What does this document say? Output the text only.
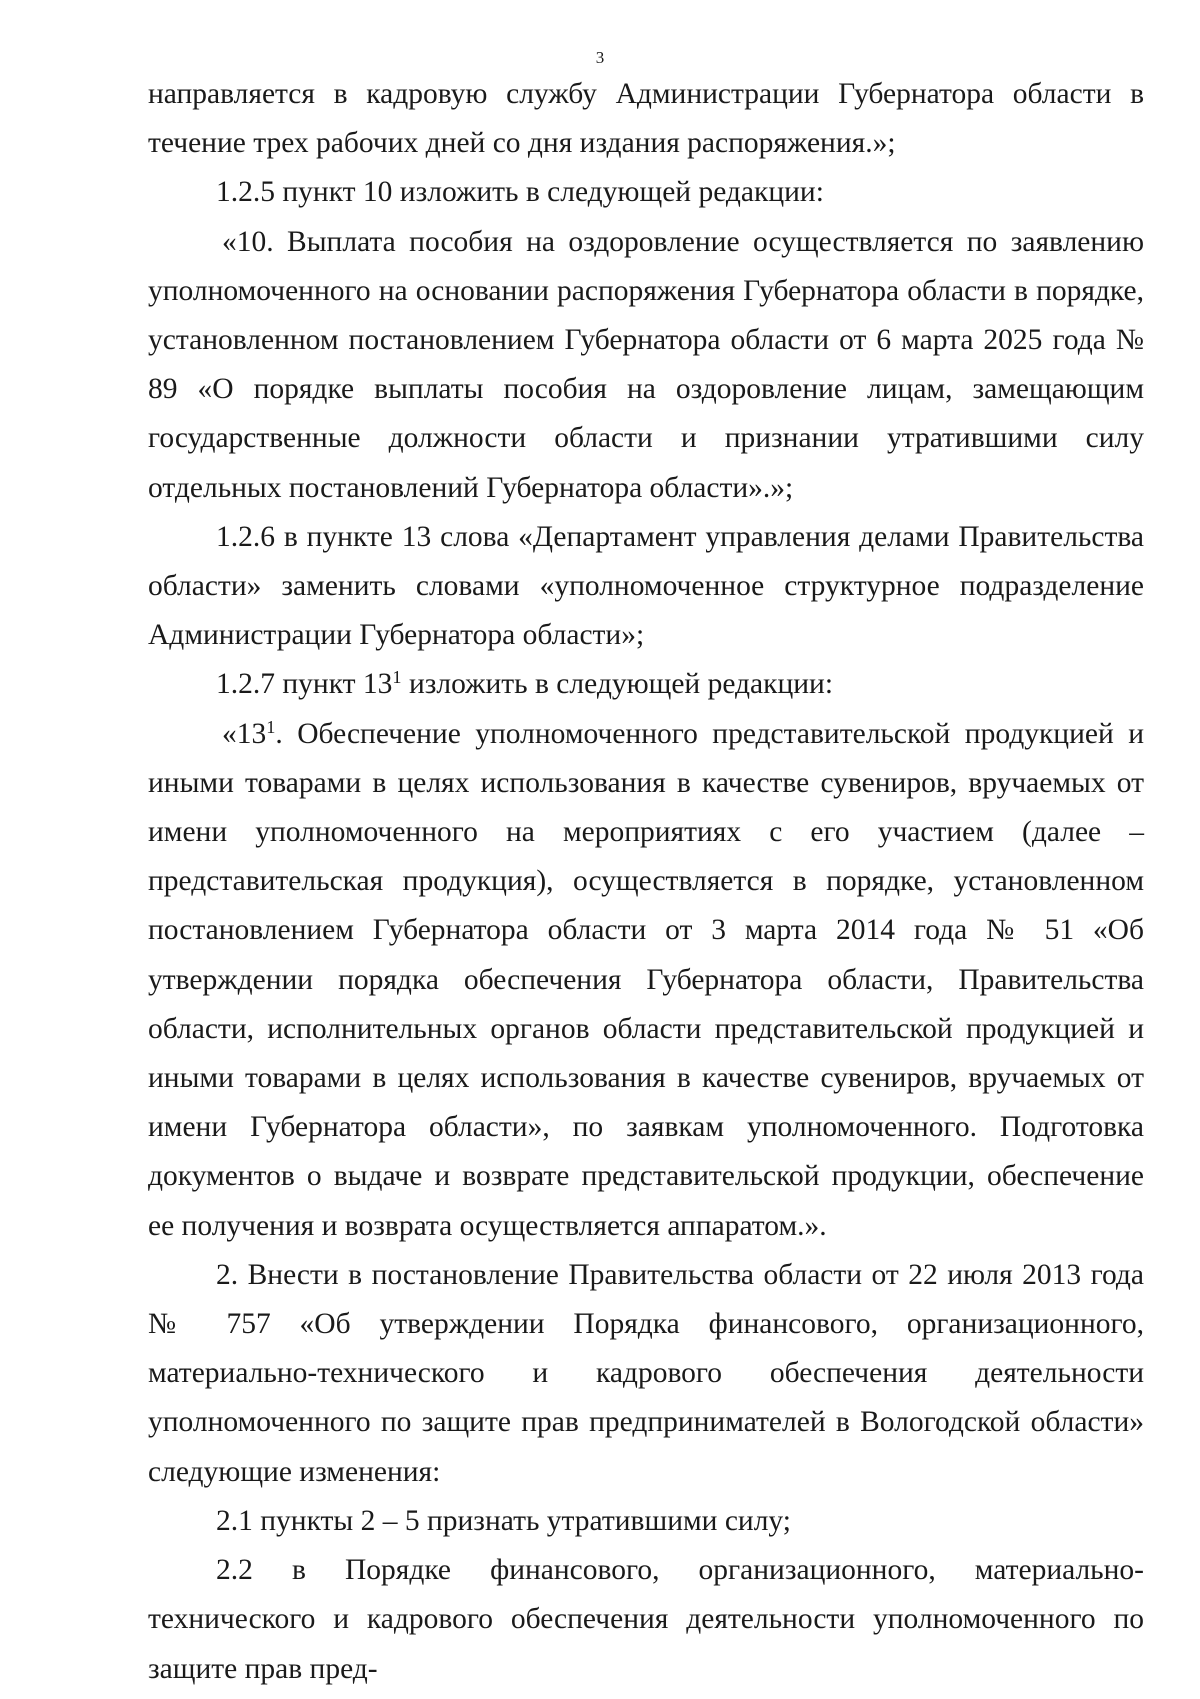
3

направляется в кадровую службу Администрации Губернатора области в течение трех рабочих дней со дня издания распоряжения.»;

1.2.5 пункт 10 изложить в следующей редакции:

«10. Выплата пособия на оздоровление осуществляется по заявлению уполномоченного на основании распоряжения Губернатора области в порядке, установленном постановлением Губернатора области от 6 марта 2025 года № 89 «О порядке выплаты пособия на оздоровление лицам, замещающим государственные должности области и признании утратившими силу отдельных постановлений Губернатора области».»;

1.2.6 в пункте 13 слова «Департамент управления делами Правительства области» заменить словами «уполномоченное структурное подразделение Администрации Губернатора области»;

1.2.7 пункт $13^1$ изложить в следующей редакции:

«$13^1$. Обеспечение уполномоченного представительской продукцией и иными товарами в целях использования в качестве сувениров, вручаемых от имени уполномоченного на мероприятиях с его участием (далее – представительская продукция), осуществляется в порядке, установленном постановлением Губернатора области от 3 марта 2014 года № 51 «Об утверждении порядка обеспечения Губернатора области, Правительства области, исполнительных органов области представительской продукцией и иными товарами в целях использования в качестве сувениров, вручаемых от имени Губернатора области», по заявкам уполномоченного. Подготовка документов о выдаче и возврате представительской продукции, обеспечение ее получения и возврата осуществляется аппаратом.».

2. Внести в постановление Правительства области от 22 июля 2013 года № 757 «Об утверждении Порядка финансового, организационного, материально-технического и кадрового обеспечения деятельности уполномоченного по защите прав предпринимателей в Вологодской области» следующие изменения:

2.1 пункты 2 – 5 признать утратившими силу;

2.2 в Порядке финансового, организационного, материально-технического и кадрового обеспечения деятельности уполномоченного по защите прав пред-
